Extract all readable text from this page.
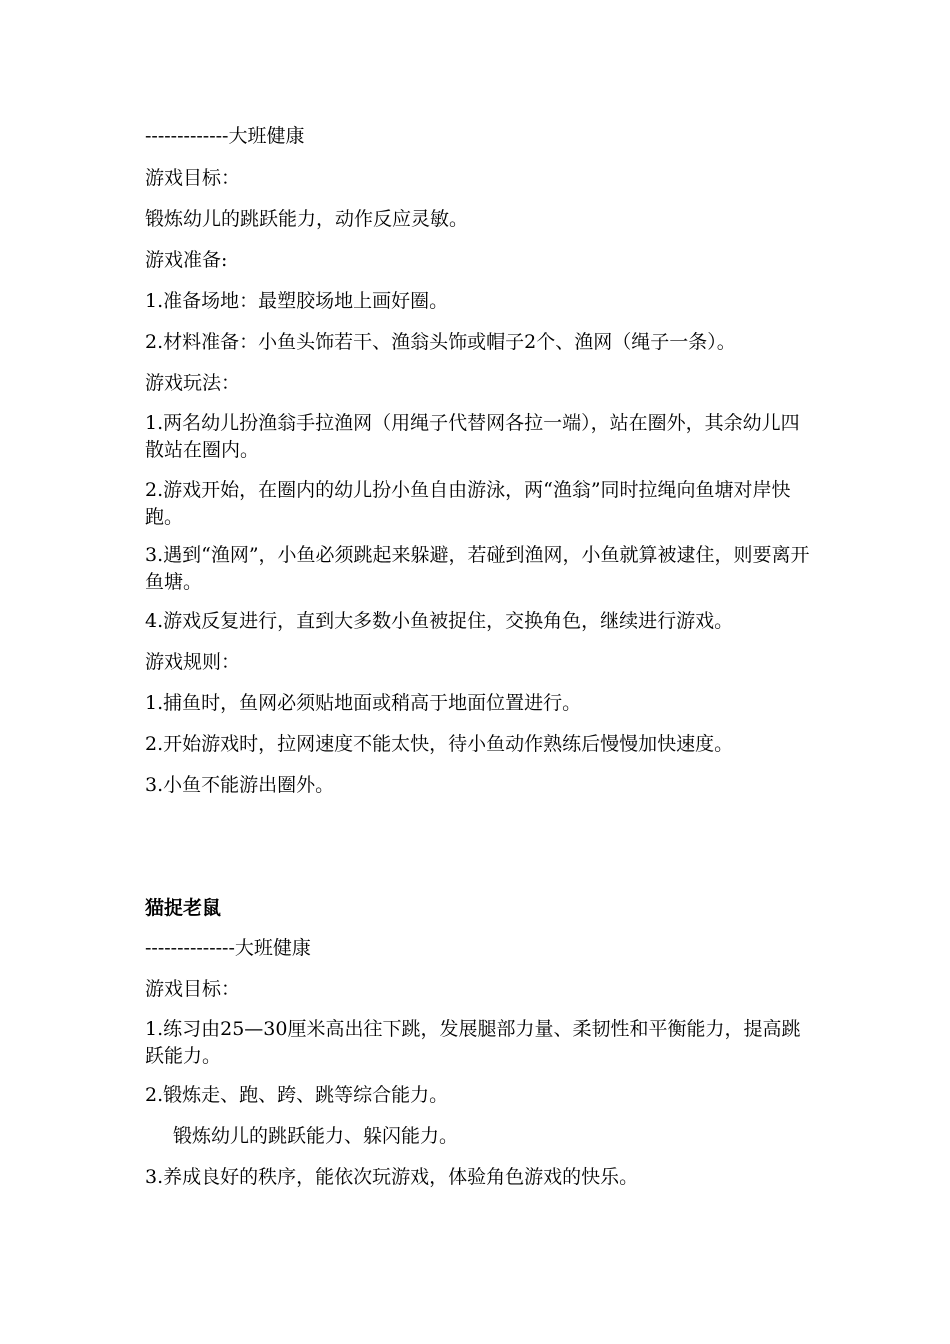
-------------大班健康
游戏目标：
锻炼幼儿的跳跃能力，动作反应灵敏。
游戏准备:
1.准备场地：最塑胶场地上画好圈。
2.材料准备：小鱼头饰若干、渔翁头饰或帽子2个、渔网（绳子一条）。
游戏玩法：
1.两名幼儿扮渔翁手拉渔网（用绳子代替网各拉一端），站在圈外，其余幼儿四散站在圈内。
2.游戏开始，在圈内的幼儿扮小鱼自由游泳，两“渔翁”同时拉绳向鱼塘对岸快跑。
3.遇到“渔网”，小鱼必须跳起来躲避，若碰到渔网，小鱼就算被逮住，则要离开鱼塘。
4.游戏反复进行，直到大多数小鱼被捉住，交换角色，继续进行游戏。
游戏规则：
1.捕鱼时，鱼网必须贴地面或稍高于地面位置进行。
2.开始游戏时，拉网速度不能太快，待小鱼动作熟练后慢慢加快速度。
3.小鱼不能游出圈外。
猫捉老鼠
--------------大班健康
游戏目标：
1.练习由25—30厘米高出往下跳，发展腿部力量、柔韧性和平衡能力，提高跳跃能力。
2.锻炼走、跑、跨、跳等综合能力。
锻炼幼儿的跳跃能力、躲闪能力。
3.养成良好的秩序，能依次玩游戏，体验角色游戏的快乐。
